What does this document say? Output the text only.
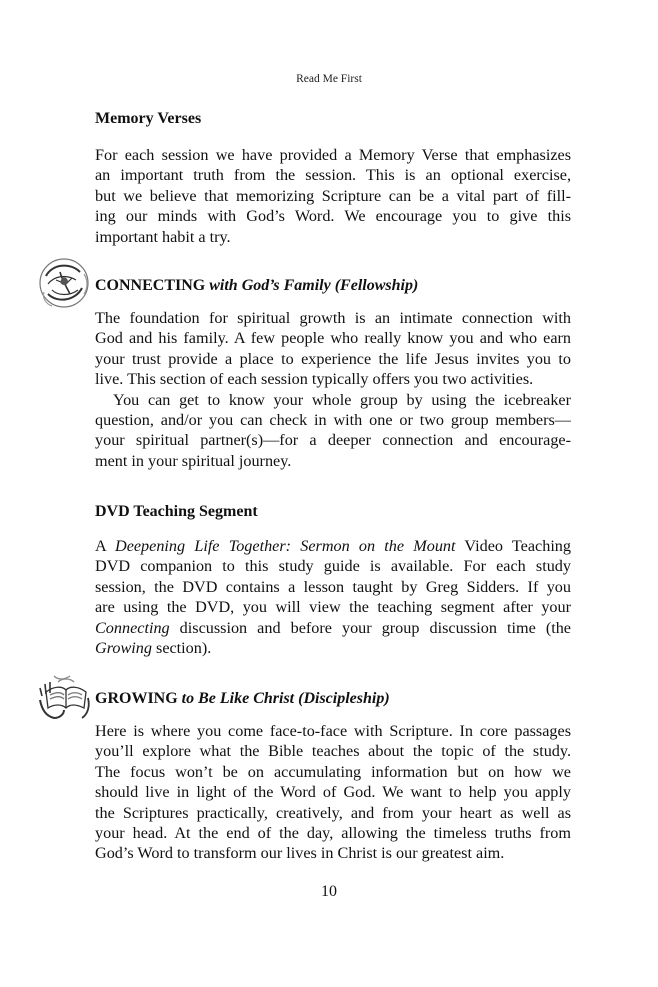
Read Me First
Memory Verses

For each session we have provided a Memory Verse that emphasizes
an important truth from the session. This is an optional exercise,
but we believe that memorizing Scripture can be a vital part of fill-
ing our minds with God’s Word. We encourage you to give this
important habit a try.

CONNECTING with God’s Family (Fellowship)

The foundation for spiritual growth is an intimate connection with
God and his family. A few people who really know you and who earn
your trust provide a place to experience the life Jesus invites you to
live. This section of each session typically offers you two activities.

You can get to know your whole group by using the icebreaker
question, and/or you can check in with one or two group members—
your spiritual partner(s)—for a deeper connection and encourage-
ment in your spiritual journey.

DVD Teaching Segment

A Deepening Life Together: Sermon on the Mount Video Teaching
DVD companion to this study guide is available. For each study
session, the DVD contains a lesson taught by Greg Sidders. If you
are using the DVD, you will view the teaching segment after your
Connecting discussion and before your group discussion time (the
Growing section).

GROWING to Be Like Christ (Discipleship)

Here is where you come face-to-face with Scripture. In core passages
you’ll explore what the Bible teaches about the topic of the study.
The focus won’t be on accumulating information but on how we
should live in light of the Word of God. We want to help you apply
the Scriptures practically, creatively, and from your heart as well as
your head. At the end of the day, allowing the timeless truths from
God’s Word to transform our lives in Christ is our greatest aim.

10
